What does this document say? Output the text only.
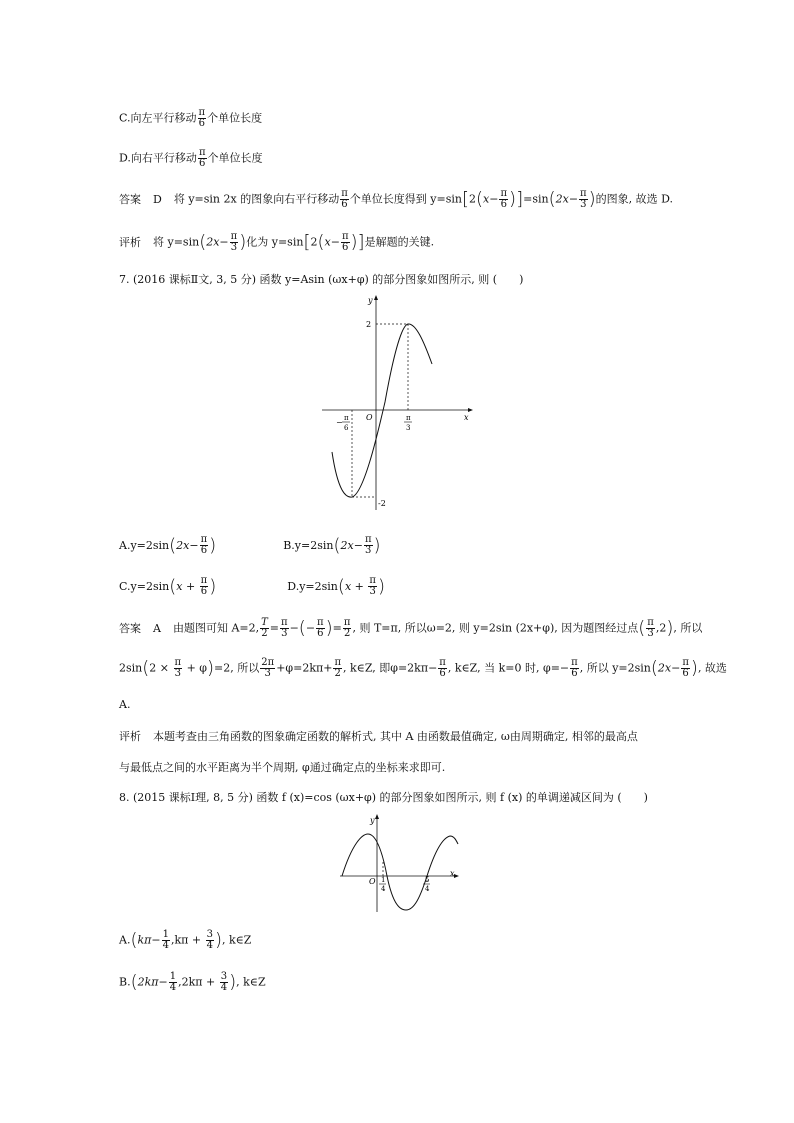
C.向左平行移动 $\frac{\pi}{6}$ 个单位长度
D.向右平行移动 $\frac{\pi}{6}$ 个单位长度
答案 D 将 y=sin 2x 的图象向右平行移动 $\frac{\pi}{6}$ 个单位长度得到 $y=\sin[2(x- \frac{\pi}{6} )]=\sin(2x- \frac{\pi}{3}$ )的图象, 故选 D.
评析 将 $y=\sin(2x- \frac{\pi}{3}$ )化为 $y=\sin[2(x- \frac{\pi}{6}$ )]是解题的关键.
7. (2016 课标Ⅱ文, 3, 5 分) 函数 y=Asin (ωx+φ) 的部分图象如图所示, 则 (　　)
y
x
O
2
-2
− π
6
π
3
$A.y=2\sin(2x- \frac{\pi}{6}$ )	$B.y=2\sin(2x- \frac{\pi}{3}$ )
$C.y=2\sin(x + \frac{\pi}{6}$ )	$D.y=2\sin(x + \frac{\pi}{3}$ )
答案 A 由题图可知 A=2, $\frac{T}{2} = \frac{\pi}{3}$ −(− $\frac{\pi}{6}$ )= $\frac{\pi}{2}$ , 则 T=π, 所以ω=2, 则 y=2sin (2x+φ), 因为题图经过点( $\frac{\pi}{3} ,2$), 所以
$2\sin(2 \times \frac{\pi}{3} + \varphi)=2$, 所以 $\frac{2\pi}{3} +\varphi=2k\pi+ \frac{\pi}{2}$ , k∈Z, 即$\varphi=2k\pi- \frac{\pi}{6}$ , k∈Z, 当 k=0 时, $\varphi=- \frac{\pi}{6}$ , 所以 $y=2\sin(2x- \frac{\pi}{6}$ ), 故选
A.
评析 本题考查由三角函数的图象确定函数的解析式, 其中 A 由函数最值确定, ω由周期确定, 相邻的最高点
与最低点之间的水平距离为半个周期, φ通过确定点的坐标来求即可.
8. (2015 课标Ⅰ理, 8, 5 分) 函数 f (x)=cos (ωx+φ) 的部分图象如图所示, 则 f (x) 的单调递减区间为 (　　)
y
x
O 1
4
5
4
$A.(k\pi- \frac{1}{4} ,k\pi + \frac{3}{4}$ ), k∈Z
$B.(2k\pi- \frac{1}{4} ,2k\pi + \frac{3}{4}$ ), k∈Z
